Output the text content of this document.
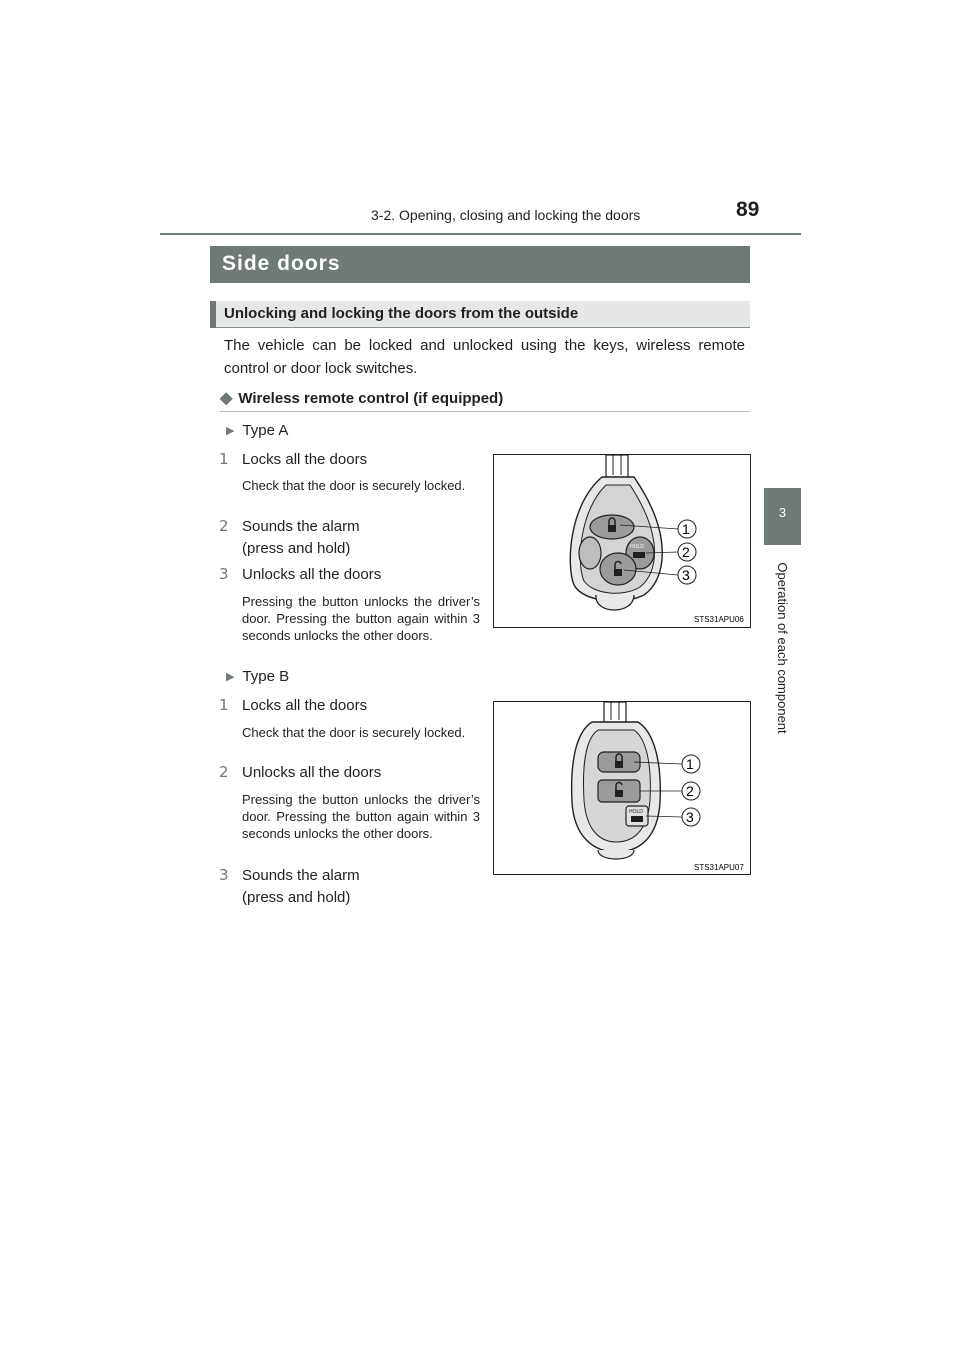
3-2. Opening, closing and locking the doors	89
3
Operation of each component
Side doors
Unlocking and locking the doors from the outside
The vehicle can be locked and unlocked using the keys, wireless remote control or door lock switches.
◆ Wireless remote control (if equipped)
▶ Type A
1 Locks all the doors
Check that the door is securely locked.
2 Sounds the alarm
(press and hold)
3 Unlocks all the doors
Pressing the button unlocks the driver’s door. Pressing the button again within 3 seconds unlocks the other doors.
HOLD
1
2
3
STS31APU06
▶ Type B
1 Locks all the doors
Check that the door is securely locked.
2 Unlocks all the doors
Pressing the button unlocks the driver’s door. Pressing the button again within 3 seconds unlocks the other doors.
3 Sounds the alarm
(press and hold)
HOLD
1
2
3
STS31APU07
